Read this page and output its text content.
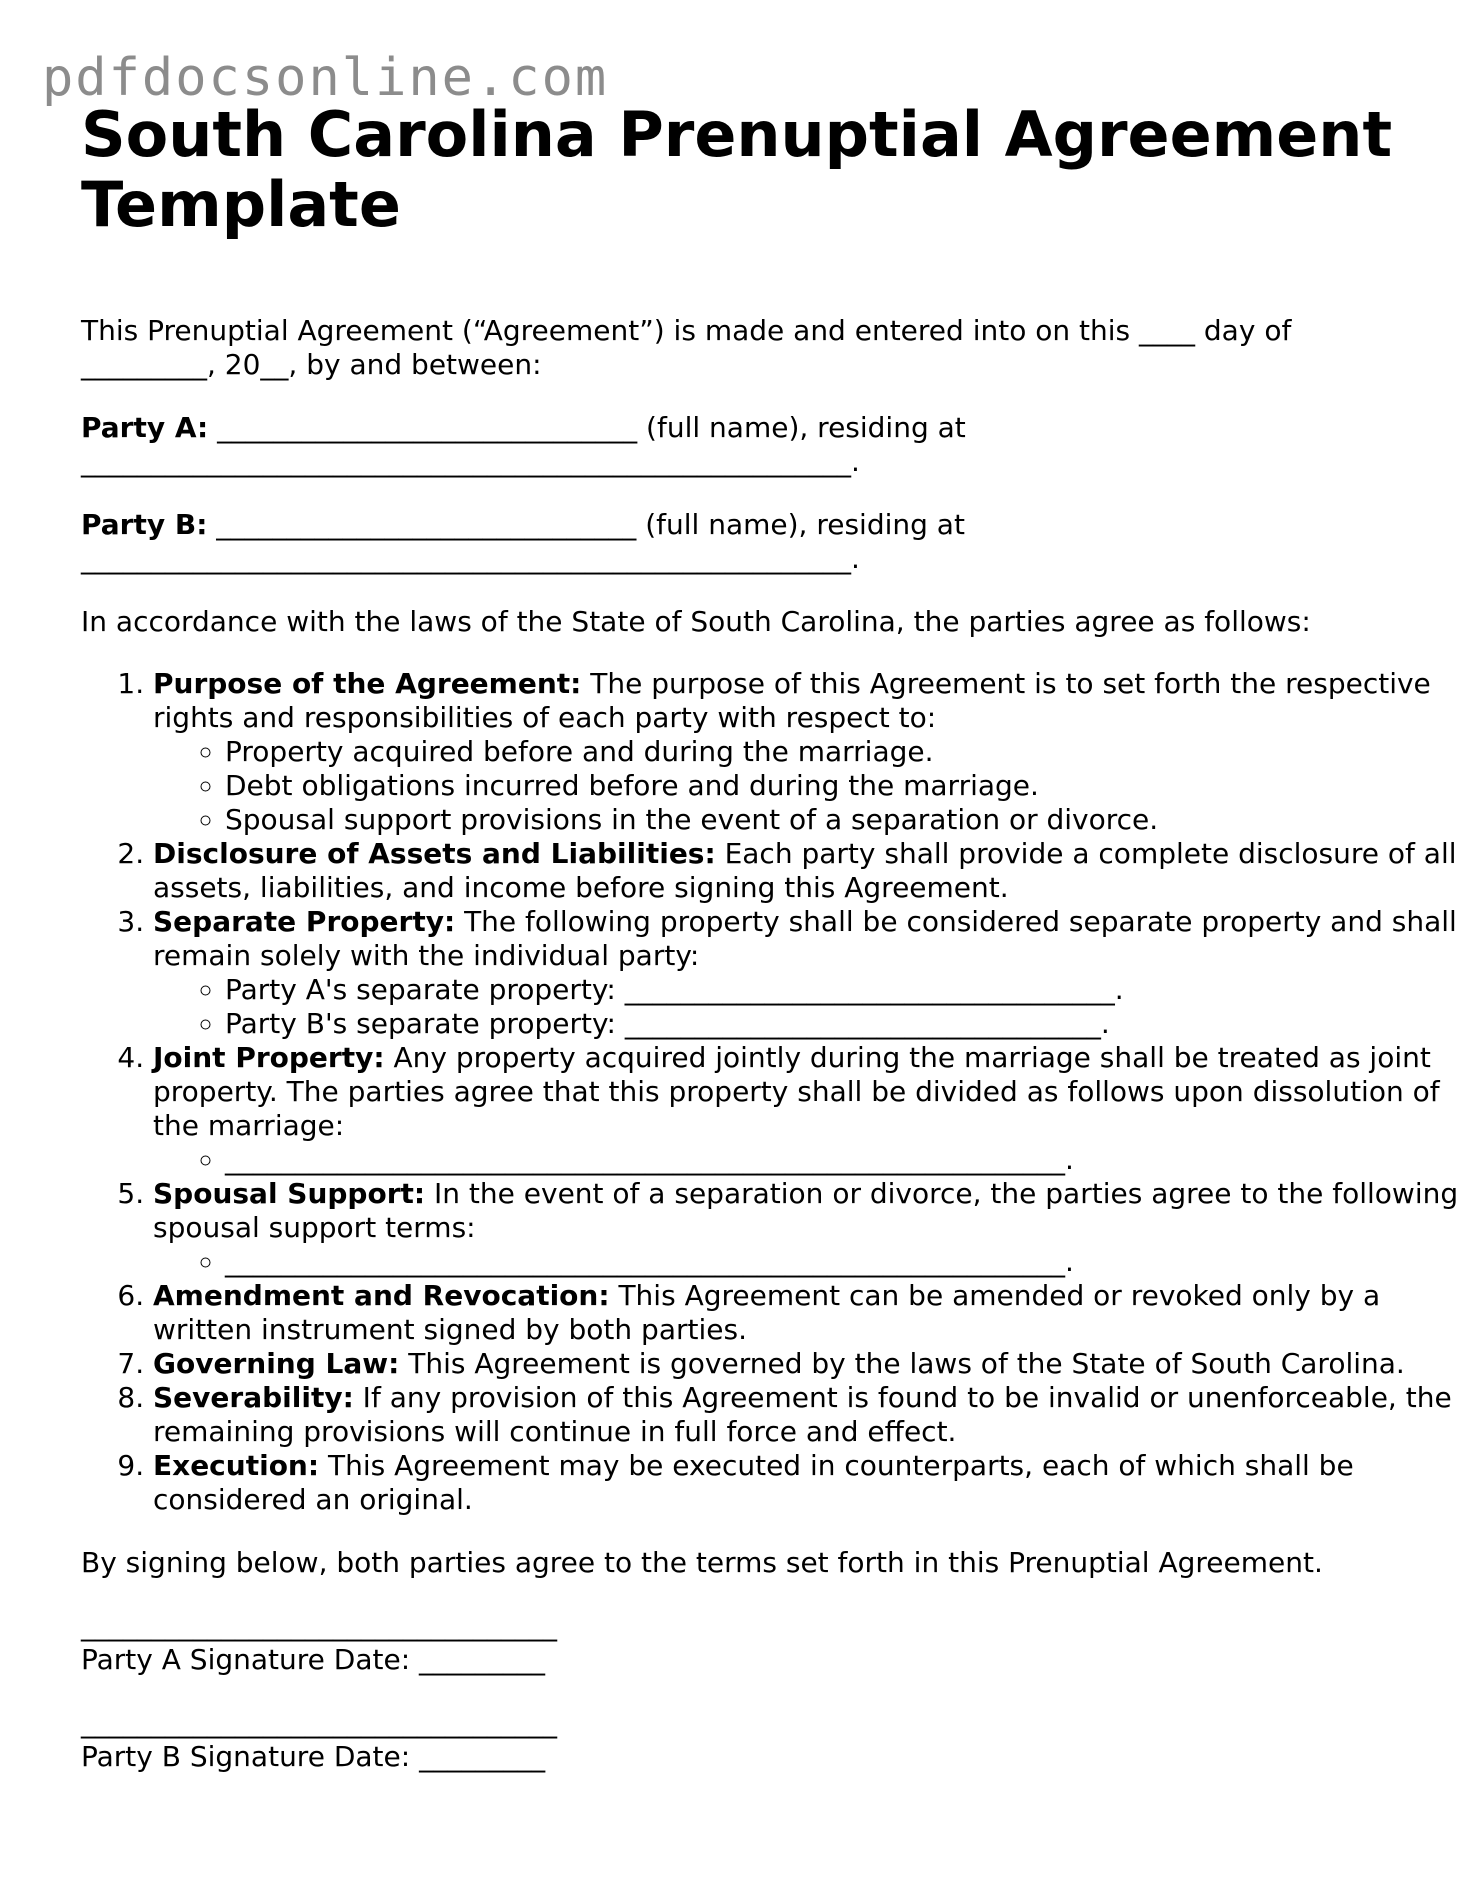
pdfdocsonline.com
South Carolina Prenuptial Agreement Template

This Prenuptial Agreement (“Agreement”) is made and entered into on this ____ day of _________, 20__, by and between:

Party A: ______________________________ (full name), residing at _______________________________________________________.

Party B: ______________________________ (full name), residing at _______________________________________________________.

In accordance with the laws of the State of South Carolina, the parties agree as follows:

1. Purpose of the Agreement: The purpose of this Agreement is to set forth the respective rights and responsibilities of each party with respect to:
◦ Property acquired before and during the marriage.
◦ Debt obligations incurred before and during the marriage.
◦ Spousal support provisions in the event of a separation or divorce.
2. Disclosure of Assets and Liabilities: Each party shall provide a complete disclosure of all assets, liabilities, and income before signing this Agreement.
3. Separate Property: The following property shall be considered separate property and shall remain solely with the individual party:
◦ Party A's separate property: ___________________________________.
◦ Party B's separate property: __________________________________.
4. Joint Property: Any property acquired jointly during the marriage shall be treated as joint property. The parties agree that this property shall be divided as follows upon dissolution of the marriage:
◦ ____________________________________________________________.
5. Spousal Support: In the event of a separation or divorce, the parties agree to the following spousal support terms:
◦ ____________________________________________________________.
6. Amendment and Revocation: This Agreement can be amended or revoked only by a written instrument signed by both parties.
7. Governing Law: This Agreement is governed by the laws of the State of South Carolina.
8. Severability: If any provision of this Agreement is found to be invalid or unenforceable, the remaining provisions will continue in full force and effect.
9. Execution: This Agreement may be executed in counterparts, each of which shall be considered an original.

By signing below, both parties agree to the terms set forth in this Prenuptial Agreement.

__________________________________
Party A Signature Date: _________
__________________________________
Party B Signature Date: _________
